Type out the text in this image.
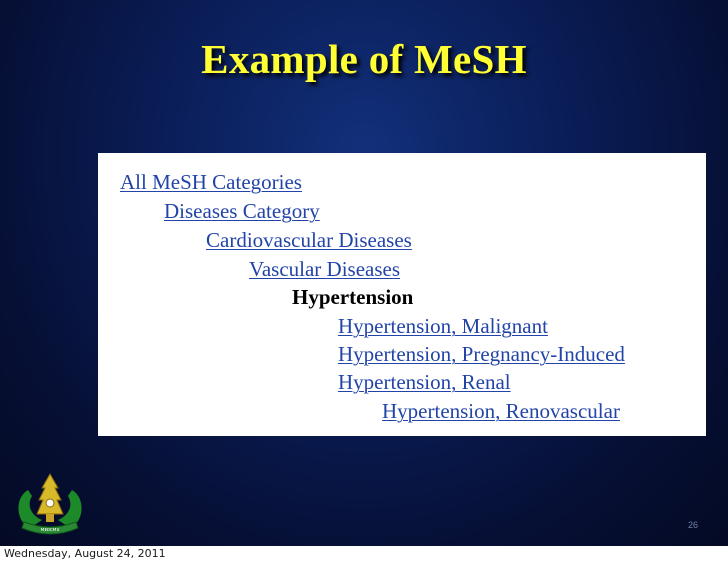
Example of MeSH
All MeSH Categories
Diseases Category
Cardiovascular Diseases
Vascular Diseases
Hypertension
Hypertension, Malignant
Hypertension, Pregnancy-Induced
Hypertension, Renal
Hypertension, Renovascular
ᴍᴇᴅᴄᴍᴜ	26
Wednesday, August 24, 2011
